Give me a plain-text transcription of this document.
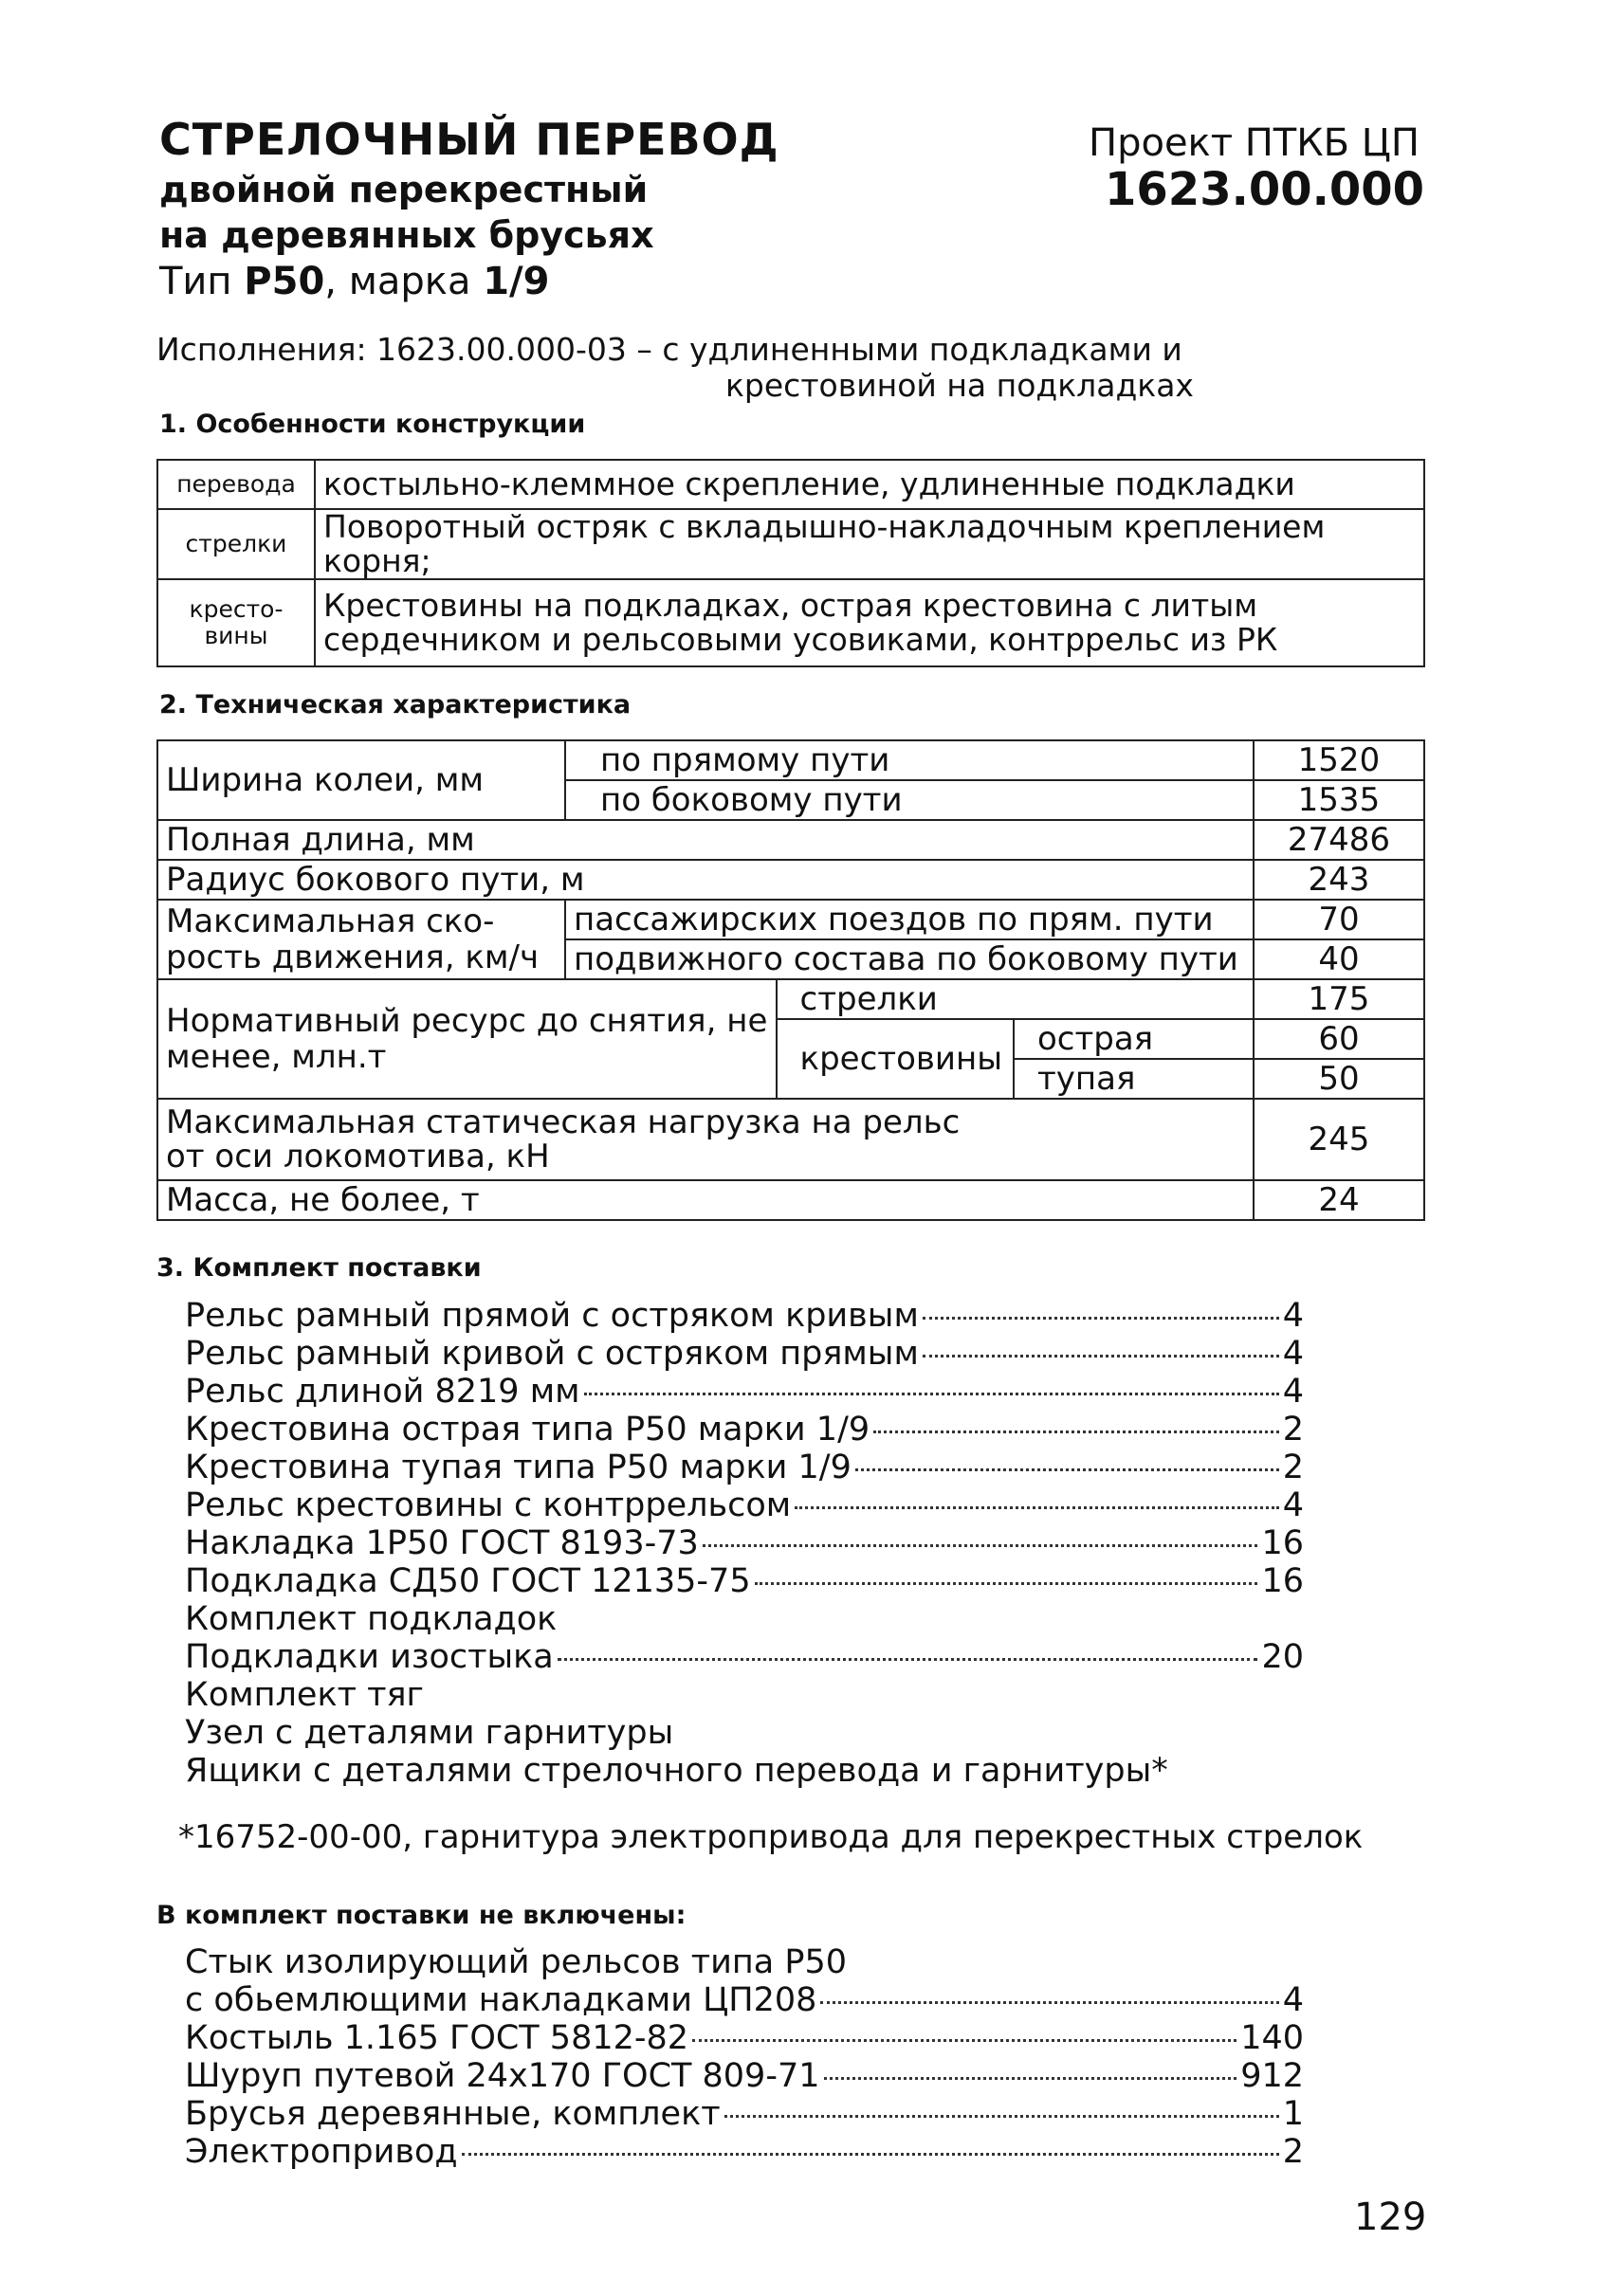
СТРЕЛОЧНЫЙ ПЕРЕВОД
двойной перекрестный
на деревянных брусьях
Тип Р50, марка 1/9
Проект ПТКБ ЦП
1623.00.000
Исполнения: 1623.00.000-03 – с удлиненными подкладками и
крестовиной на подкладках
1. Особенности конструкции
перевода	костыльно-клеммное скрепление, удлиненные подкладки
стрелки	Поворотный остряк с вкладышно-накладочным креплением корня;
кресто-вины	Крестовины на подкладках, острая крестовина с литым сердечником и рельсовыми усовиками, контррельс из РК
2. Техническая характеристика
Ширина колеи, мм	по прямому пути			1520
	по боковому пути			1535
Полная длина, мм				27486
Радиус бокового пути, м				243
Максимальная ско-рость движения, км/ч	пассажирских поездов по прям. пути			70
	подвижного состава по боковому пути			40
Нормативный ресурс до снятия, не менее, млн.т		стрелки		175
		крестовины	острая	60
			тупая	50
Максимальная статическая нагрузка на рельс от оси локомотива, кН				245
Масса, не более, т				24
3. Комплект поставки
Рельс рамный прямой с остряком кривым	4
Рельс рамный кривой с остряком прямым	4
Рельс длиной 8219 мм	4
Крестовина острая типа Р50 марки 1/9	2
Крестовина тупая типа Р50 марки 1/9	2
Рельс крестовины с контррельсом	4
Накладка 1Р50 ГОСТ 8193-73	16
Подкладка СД50 ГОСТ 12135-75	16
Комплект подкладок
Подкладки изостыка	20
Комплект тяг
Узел с деталями гарнитуры
Ящики с деталями стрелочного перевода и гарнитуры*
*16752-00-00, гарнитура электропривода для перекрестных стрелок
В комплект поставки не включены:
Стык изолирующий рельсов типа Р50
с обьемлющими накладками ЦП208	4
Костыль 1.165 ГОСТ 5812-82	140
Шуруп путевой 24х170 ГОСТ 809-71	912
Брусья деревянные, комплект	1
Электропривод	2
129
